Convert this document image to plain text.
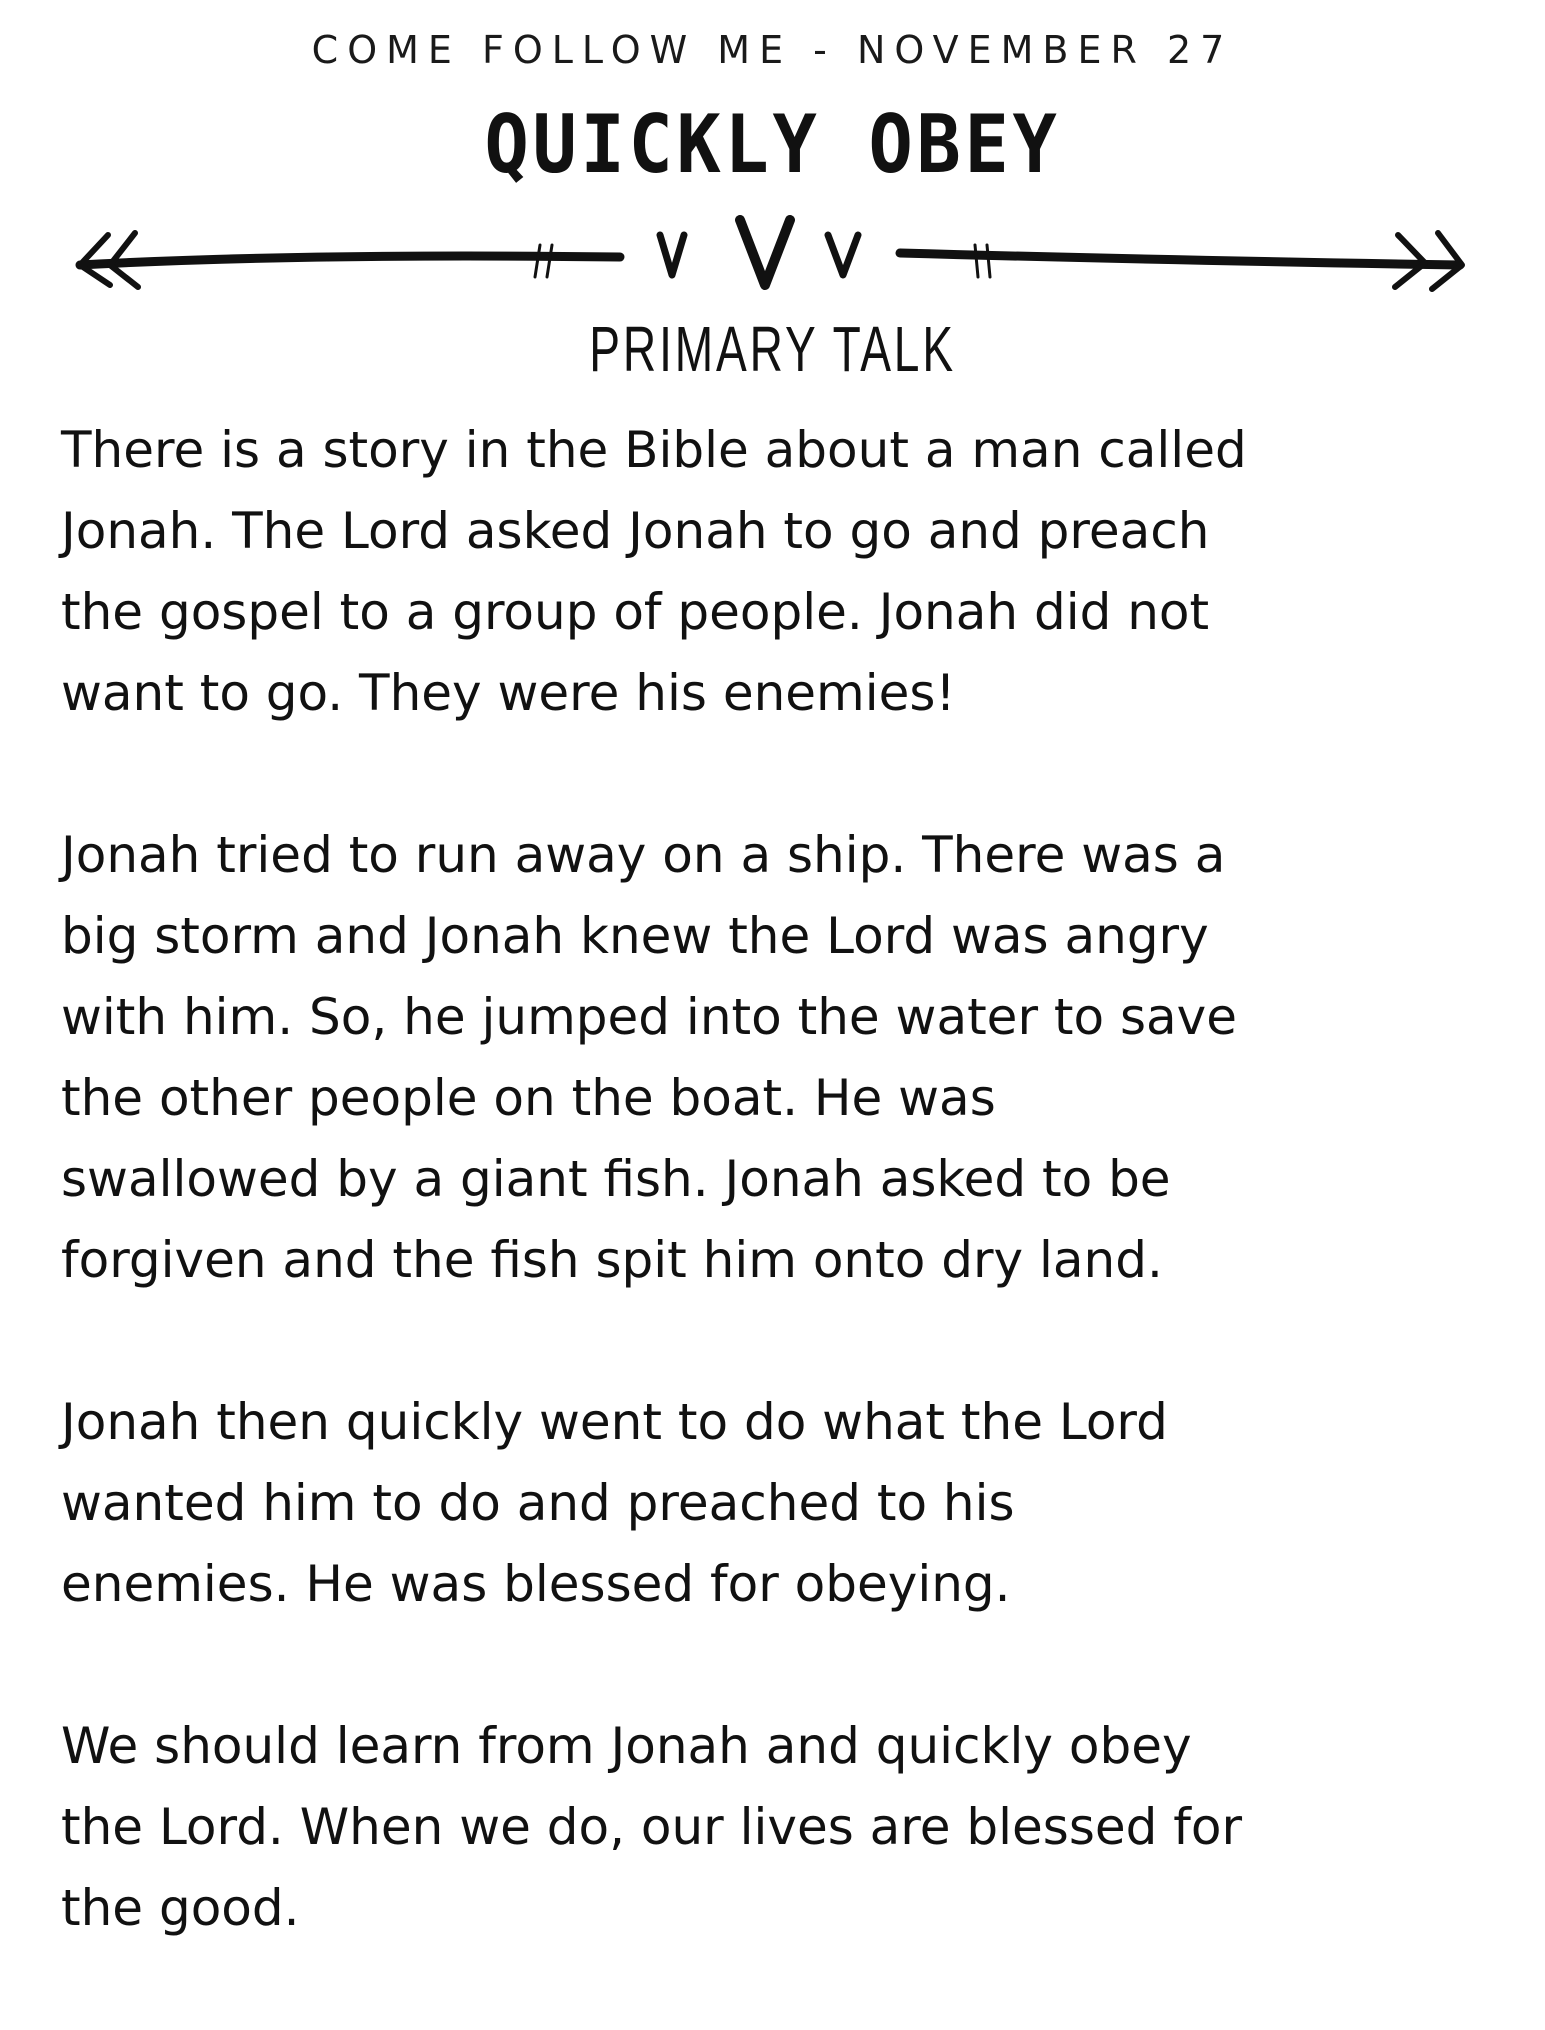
COME FOLLOW ME - NOVEMBER 27
QUICKLY OBEY
PRIMARY TALK
There is a story in the Bible about a man called
Jonah. The Lord asked Jonah to go and preach
the gospel to a group of people. Jonah did not
want to go. They were his enemies!
Jonah tried to run away on a ship. There was a
big storm and Jonah knew the Lord was angry
with him. So, he jumped into the water to save
the other people on the boat. He was
swallowed by a giant fish. Jonah asked to be
forgiven and the fish spit him onto dry land.
Jonah then quickly went to do what the Lord
wanted him to do and preached to his
enemies. He was blessed for obeying.
We should learn from Jonah and quickly obey
the Lord. When we do, our lives are blessed for
the good.
